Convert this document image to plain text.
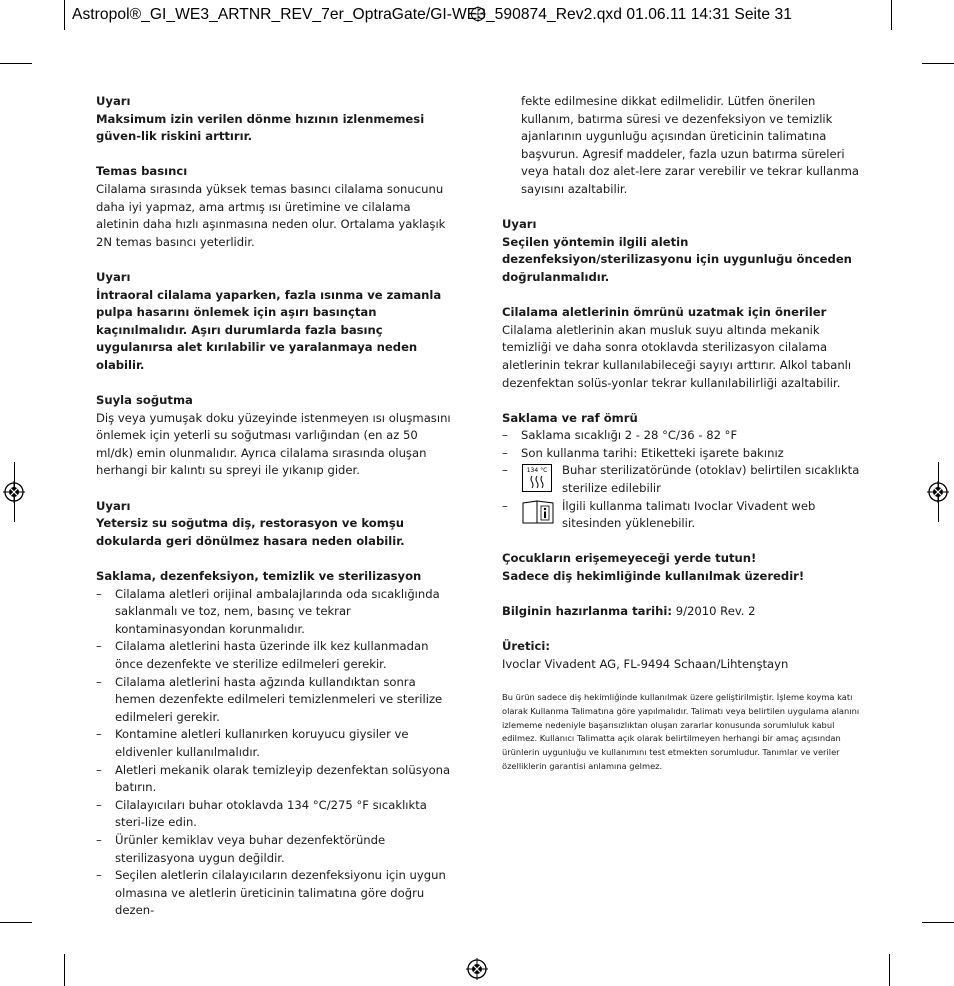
Astropol®_GI_WE3_ARTNR_REV_7er_OptraGate/GI-WE3_590874_Rev2.qxd 01.06.11 14:31 Seite 31

Uyarı

Maksimum izin verilen dönme hızının izlenmemesi güven-lik riskini arttırır.

Temas basıncı

Cilalama sırasında yüksek temas basıncı cilalama sonucunu daha iyi yapmaz, ama artmış ısı üretimine ve cilalama aletinin daha hızlı aşınmasına neden olur. Ortalama yaklaşık 2N temas basıncı yeterlidir.

Uyarı

İntraoral cilalama yaparken, fazla ısınma ve zamanla pulpa hasarını önlemek için aşırı basınçtan kaçınılmalıdır. Aşırı durumlarda fazla basınç uygulanırsa alet kırılabilir ve yaralanmaya neden olabilir.

Suyla soğutma

Diş veya yumuşak doku yüzeyinde istenmeyen ısı oluşmasını önlemek için yeterli su soğutması varlığından (en az 50 ml/dk) emin olunmalıdır. Ayrıca cilalama sırasında oluşan herhangi bir kalıntı su spreyi ile yıkanıp gider.

Uyarı

Yetersiz su soğutma diş, restorasyon ve komşu dokularda geri dönülmez hasara neden olabilir.

Saklama, dezenfeksiyon, temizlik ve sterilizasyon

– Cilalama aletleri orijinal ambalajlarında oda sıcaklığında saklanmalı ve toz, nem, basınç ve tekrar kontaminasyondan korunmalıdır.
– Cilalama aletlerini hasta üzerinde ilk kez kullanmadan önce dezenfekte ve sterilize edilmeleri gerekir.
– Cilalama aletlerini hasta ağzında kullandıktan sonra hemen dezenfekte edilmeleri temizlenmeleri ve sterilize edilmeleri gerekir.
– Kontamine aletleri kullanırken koruyucu giysiler ve eldivenler kullanılmalıdır.
– Aletleri mekanik olarak temizleyip dezenfektan solüsyona batırın.
– Cilalayıcıları buhar otoklavda 134 °C/275 °F sıcaklıkta steri-lize edin.
– Ürünler kemiklav veya buhar dezenfektöründe sterilizasyona uygun değildir.
– Seçilen aletlerin cilalayıcıların dezenfeksiyonu için uygun olmasına ve aletlerin üreticinin talimatına göre doğru dezen-

fekte edilmesine dikkat edilmelidir. Lütfen önerilen kullanım, batırma süresi ve dezenfeksiyon ve temizlik ajanlarının uygunluğu açısından üreticinin talimatına başvurun. Agresif maddeler, fazla uzun batırma süreleri veya hatalı doz alet-lere zarar verebilir ve tekrar kullanma sayısını azaltabilir.

Uyarı

Seçilen yöntemin ilgili aletin dezenfeksiyon/sterilizasyonu için uygunluğu önceden doğrulanmalıdır.

Cilalama aletlerinin ömrünü uzatmak için öneriler

Cilalama aletlerinin akan musluk suyu altında mekanik temizliği ve daha sonra otoklavda sterilizasyon cilalama aletlerinin tekrar kullanılabileceği sayıyı arttırır. Alkol tabanlı dezenfektan solüs-yonlar tekrar kullanılabilirliği azaltabilir.

Saklama ve raf ömrü

– Saklama sıcaklığı 2 - 28 °C/36 - 82 °F
– Son kullanma tarihi: Etiketteki işarete bakınız
–	134 °C Buhar sterilizatöründe (otoklav) belirtilen sıcaklıkta sterilize edilebilir
–	İlgili kullanma talimatı Ivoclar Vivadent web sitesinden yüklenebilir.

Çocukların erişemeyeceği yerde tutun!

Sadece diş hekimliğinde kullanılmak üzeredir!

Bilginin hazırlanma tarihi: 9/2010 Rev. 2

Üretici:

Ivoclar Vivadent AG, FL-9494 Schaan/Lihtenştayn

Bu ürün sadece diş hekimliğinde kullanılmak üzere geliştirilmiştir. İşleme koyma katı olarak Kullanma Talimatına göre yapılmalıdır. Talimatı veya belirtilen uygulama alanını izlememe nedeniyle başarısızlıktan oluşan zararlar konusunda sorumluluk kabul edilmez. Kullanıcı Talimatta açık olarak belirtilmeyen herhangi bir amaç açısından ürünlerin uygunluğu ve kullanımını test etmekten sorumludur. Tanımlar ve veriler özelliklerin garantisi anlamına gelmez.
